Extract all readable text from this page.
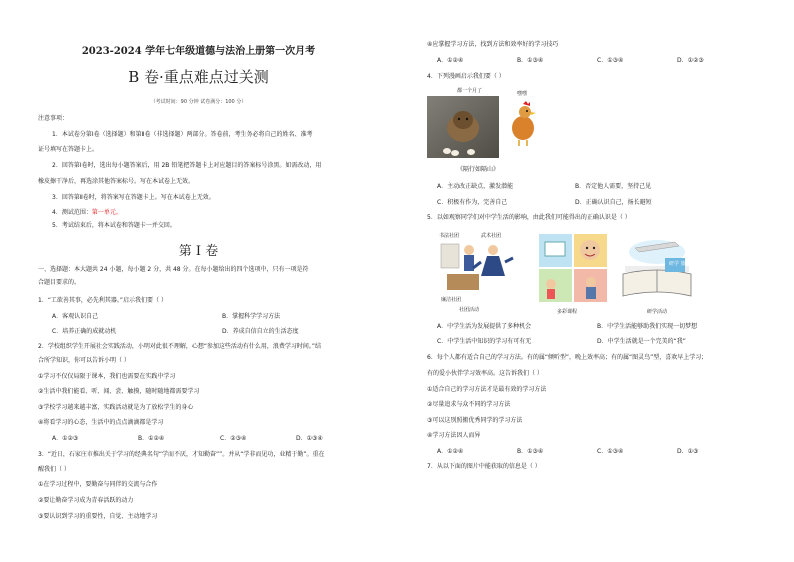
2023-2024 学年七年级道德与法治上册第一次月考
B 卷·重点难点过关测
（考试时间：90 分钟 试卷满分：100 分）
注意事项：
1．本试卷分第Ⅰ卷（选择题）和第Ⅱ卷（非选择题）两部分。答卷前，考生务必将自己的姓名、准考
证号填写在答题卡上。
2．回答第Ⅰ卷时，选出每小题答案后，用 2B 铅笔把答题卡上对应题目的答案标号涂黑。如需改动，用
橡皮擦干净后，再选涂其他答案标号。写在本试卷上无效。
3．回答第Ⅱ卷时，将答案写在答题卡上。写在本试卷上无效。
4．测试范围：第一单元。
5．考试结束后，将本试卷和答题卡一并交回。
第 Ⅰ 卷
一、选择题：本大题共 24 小题，每小题 2 分，共 48 分。在每小题给出的四个选项中，只有一项是符
合题目要求的。
1．“工欲善其事，必先利其器。”启示我们要（ ）
A．客观认识自己	B．掌握科学学习方法
C．培养正确的成就动机	D．养成自信自立的生活态度
2．学校组织学生开展社会实践活动，小明对此很不理解，心想“参加这些活动有什么用，浪费学习时间。”结
合所学知识，你可以告诉小明（ ）
①学习不仅仅局限于课本，我们也需要在实践中学习
②生活中我们能看、听、闻、尝、触摸，随时随地都需要学习
③学校学习越来越丰富，实践活动就是为了放松学生的身心
④将看学习的心态，生活中的点点滴滴都是学习
A．①②③	B．①②④	C．②③④	D．①③④
3．“近日，石家庄市推出关于学习的经典名句“学而不厌，才知勤奋””。并从“学非而见功，业精于勤”。重在
醒我们（ ）
①在学习过程中，要勤奋与同伴的交流与合作
②要让勤奋学习成为青春活跃的动力
③要认识到学习的重要性，自觉、主动地学习
④应掌握学习方法，找到方法和效率好的学习技巧
A．①②④	B．①③④	C．①③④	D．①②③
4．下列漫画启示我们要（ ）
都一个月了	嘿嘿
《隔行如隔山》
A．主动改正缺点，激发潜能	B．否定他人需要，坚持己见
C．积极有作为，完善自己	D．正确认识自己，扬长避短
5．以如观察同学们对中学生活的影响，由此我们可能得出的正确认识是（ ）
书法社团	武术社团
廉洁社团
社团活动	多彩课程
研学 旅行
研学活动
A．中学生活为发展提供了多种机会	B．中学生活能够助我们实现一切梦想
C．中学生活中知识的学习有可有无	D．中学生活就是一个完美的“我”
6．每个人都有适合自己的学习方法。有的属“倾听型”，晚上效率高；有的属“图灵鸟”型，喜欢早上学习；
有的爱小伙伴学习效率高。这告诉我们（ ）
①适合自己的学习方法才是最有效的学习方法
②尽量追求与众不同的学习方法
③可以这别照搬优秀同学的学习方法
④学习方法因人而异
A．①②④	B．①③④	C．①③④	D．①③
7．从以下面的图片中能获取的信息是（ ）
